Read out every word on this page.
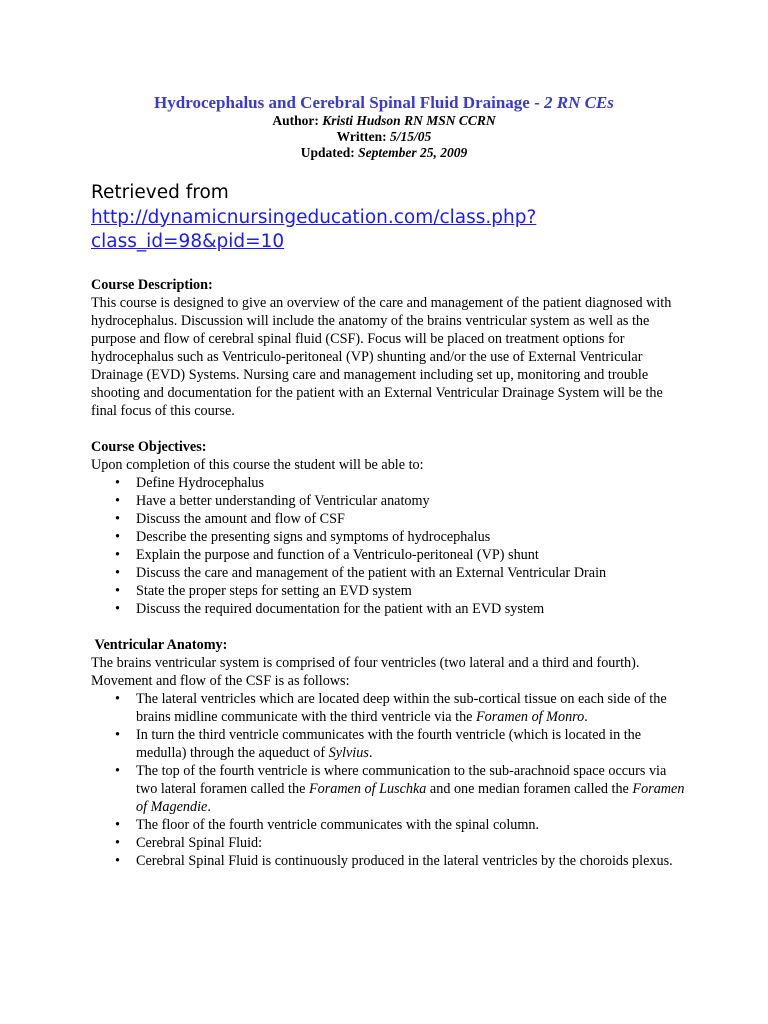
Hydrocephalus and Cerebral Spinal Fluid Drainage - 2 RN CEs
Author: Kristi Hudson RN MSN CCRN
Written: 5/15/05
Updated: September 25, 2009
Retrieved from
http://dynamicnursingeducation.com/class.php?
class_id=98&pid=10

Course Description:

This course is designed to give an overview of the care and management of the patient diagnosed with hydrocephalus. Discussion will include the anatomy of the brains ventricular system as well as the purpose and flow of cerebral spinal fluid (CSF). Focus will be placed on treatment options for hydrocephalus such as Ventriculo-peritoneal (VP) shunting and/or the use of External Ventricular Drainage (EVD) Systems. Nursing care and management including set up, monitoring and trouble shooting and documentation for the patient with an External Ventricular Drainage System will be the final focus of this course.

Course Objectives:

Upon completion of this course the student will be able to:

• Define Hydrocephalus
• Have a better understanding of Ventricular anatomy
• Discuss the amount and flow of CSF
• Describe the presenting signs and symptoms of hydrocephalus
• Explain the purpose and function of a Ventriculo-peritoneal (VP) shunt
• Discuss the care and management of the patient with an External Ventricular Drain
• State the proper steps for setting an EVD system
• Discuss the required documentation for the patient with an EVD system

Ventricular Anatomy:

The brains ventricular system is comprised of four ventricles (two lateral and a third and fourth). Movement and flow of the CSF is as follows:

• The lateral ventricles which are located deep within the sub-cortical tissue on each side of the brains midline communicate with the third ventricle via the Foramen of Monro.
• In turn the third ventricle communicates with the fourth ventricle (which is located in the medulla) through the aqueduct of Sylvius.
• The top of the fourth ventricle is where communication to the sub-arachnoid space occurs via two lateral foramen called the Foramen of Luschka and one median foramen called the Foramen of Magendie.
• The floor of the fourth ventricle communicates with the spinal column.
• Cerebral Spinal Fluid:
• Cerebral Spinal Fluid is continuously produced in the lateral ventricles by the choroids plexus.
